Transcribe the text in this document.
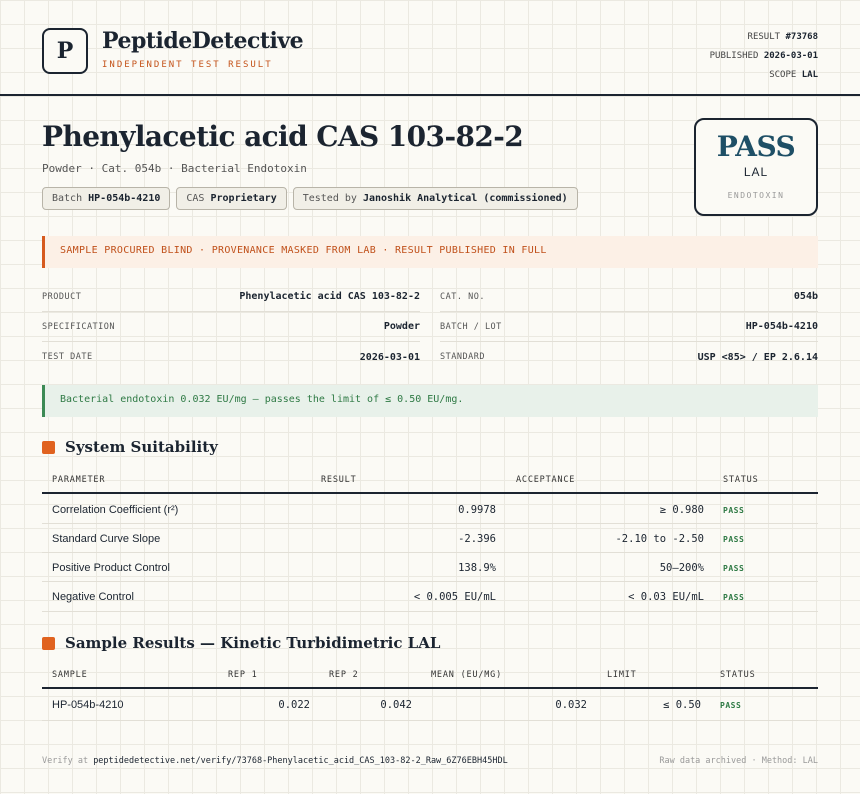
P	PeptideDetective
INDEPENDENT TEST RESULT
RESULT #73768
PUBLISHED 2026-03-01
SCOPE LAL
Phenylacetic acid CAS 103-82-2
Powder · Cat. 054b · Bacterial Endotoxin
Batch HP-054b-4210	CAS Proprietary	Tested by Janoshik Analytical (commissioned)
PASS
LAL
ENDOTOXIN
SAMPLE PROCURED BLIND · PROVENANCE MASKED FROM LAB · RESULT PUBLISHED IN FULL
PRODUCT	Phenylacetic acid CAS 103-82-2 CAT. NO.	054b
SPECIFICATION	Powder BATCH / LOT	HP-054b-4210
TEST DATE	2026-03-01 STANDARD	USP <85> / EP 2.6.14
Bacterial endotoxin 0.032 EU/mg — passes the limit of ≤ 0.50 EU/mg.
System Suitability
PARAMETER	RESULT	ACCEPTANCE	STATUS
Correlation Coefficient (r²)	0.9978	≥ 0.980 PASS
Standard Curve Slope	-2.396	-2.10 to -2.50 PASS
Positive Product Control	138.9%	50–200% PASS
Negative Control	< 0.005 EU/mL	< 0.03 EU/mL PASS
Sample Results — Kinetic Turbidimetric LAL
SAMPLE	REP 1	REP 2	MEAN (EU/MG)	LIMIT	STATUS
HP-054b-4210	0.022	0.042	0.032	≤ 0.50 PASS
Verify at peptidedetective.net/verify/73768-Phenylacetic_acid_CAS_103-82-2_Raw_6Z76EBH45HDL	Raw data archived · Method: LAL
